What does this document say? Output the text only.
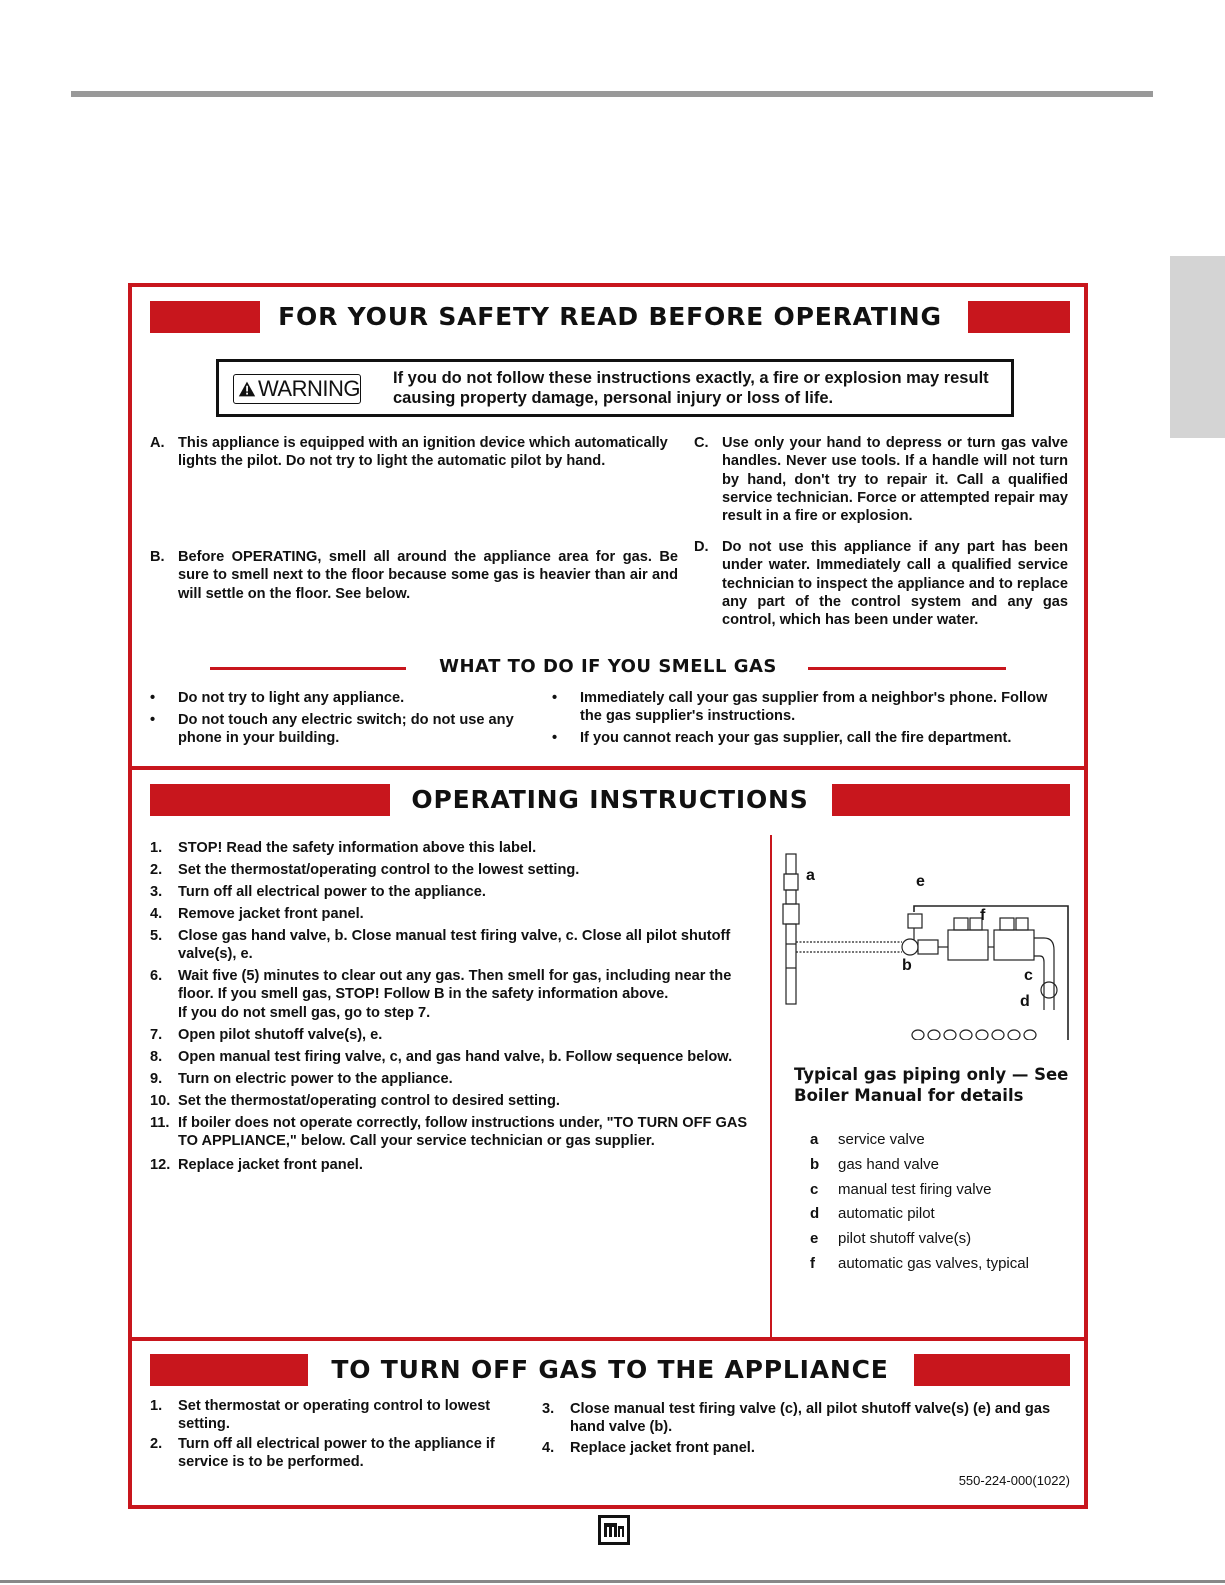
FOR YOUR SAFETY READ BEFORE OPERATING
WARNING If you do not follow these instructions exactly, a fire or explosion may result causing property damage, personal injury or loss of life.
A. This appliance is equipped with an ignition device which automatically lights the pilot. Do not try to light the automatic pilot by hand.
B. Before OPERATING, smell all around the appliance area for gas. Be sure to smell next to the floor because some gas is heavier than air and will settle on the floor. See below.
C. Use only your hand to depress or turn gas valve handles. Never use tools. If a handle will not turn by hand, don't try to repair it. Call a qualified service technician. Force or attempted repair may result in a fire or explosion.
D. Do not use this appliance if any part has been under water. Immediately call a qualified service technician to inspect the appliance and to replace any part of the control system and any gas control, which has been under water.
WHAT TO DO IF YOU SMELL GAS
• Do not try to light any appliance.
• Do not touch any electric switch; do not use any phone in your building.
• Immediately call your gas supplier from a neighbor's phone. Follow the gas supplier's instructions.
• If you cannot reach your gas supplier, call the fire department.
OPERATING INSTRUCTIONS
1. STOP! Read the safety information above this label.
2. Set the thermostat/operating control to the lowest setting.
3. Turn off all electrical power to the appliance.
4. Remove jacket front panel.
5. Close gas hand valve, b. Close manual test firing valve, c. Close all pilot shutoff valve(s), e.
6. Wait five (5) minutes to clear out any gas. Then smell for gas, including near the floor. If you smell gas, STOP! Follow B in the safety information above.
If you do not smell gas, go to step 7.
7. Open pilot shutoff valve(s), e.
8. Open manual test firing valve, c, and gas hand valve, b. Follow sequence below.
9. Turn on electric power to the appliance.
10. Set the thermostat/operating control to desired setting.
11. If boiler does not operate correctly, follow instructions under, "TO TURN OFF GAS TO APPLIANCE," below. Call your service technician or gas supplier.
12. Replace jacket front panel.
a	e
f
b
c
d
Typical gas piping only — See Boiler Manual for details
a service valve
b gas hand valve
c manual test firing valve
d automatic pilot
e pilot shutoff valve(s)
f automatic gas valves, typical
TO TURN OFF GAS TO THE APPLIANCE
1. Set thermostat or operating control to lowest setting.
2. Turn off all electrical power to the appliance if service is to be performed.
3. Close manual test firing valve (c), all pilot shutoff valve(s) (e) and gas hand valve (b).
4. Replace jacket front panel.
550-224-000(1022)
